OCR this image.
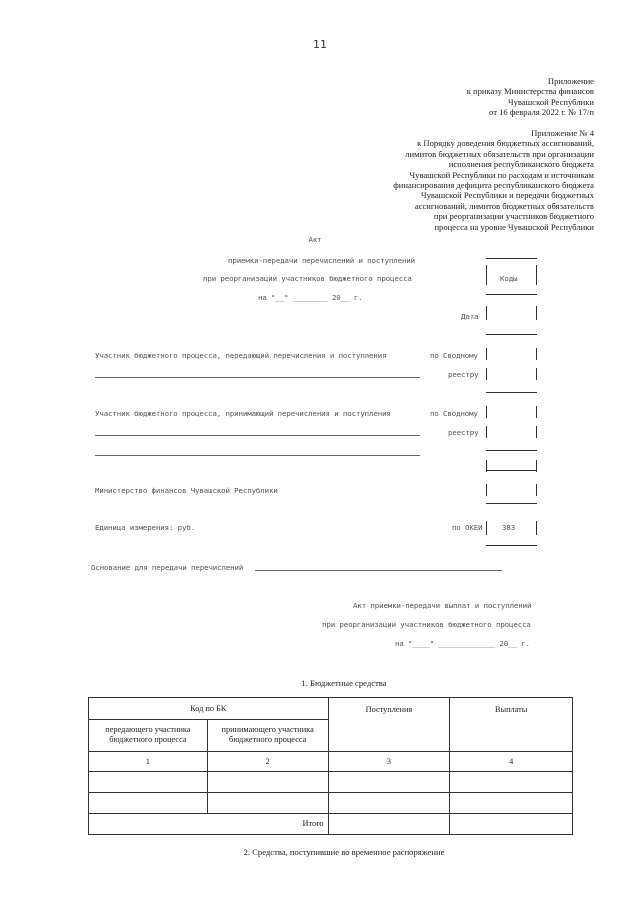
11
Приложение
к приказу Министерства финансов
Чувашской Республики
от 16 февраля 2022 г. № 17/п
Приложение № 4
к Порядку доведения бюджетных ассигнований,
лимитов бюджетных обязательств при организации
исполнения республиканского бюджета
Чувашской Республики по расходам и источникам
финансирования дефицита республиканского бюджета
Чувашской Республики и передачи бюджетных
ассигнований, лимитов бюджетных обязательств
при реорганизации участников бюджетного
процесса на уровне Чувашской Республики
Акт
приемки-передачи перечислений и поступлений
при реорганизации участников бюджетного процесса
на "__" ________ 20__ г.
Коды
Дата
Участник бюджетного процесса, передающий перечисления и поступления	по Сводному
реестру
Участник бюджетного процесса, принимающий перечисления и поступления	по Сводному
реестру
Министерство финансов Чувашской Республики
Единица измерения: руб.	по ОКЕИ	383
Основание для передачи перечислений
Акт приемки-передачи выплат и поступлений
при реорганизации участников бюджетного процесса
на "____" _____________ 20__ г.
1. Бюджетные средства
Код по БК		Поступления	Выплаты
передающего участника бюджетного процесса	принимающего участника бюджетного процесса		
1	2	3	4

Итого			
2. Средства, поступившие во временное распоряжение
